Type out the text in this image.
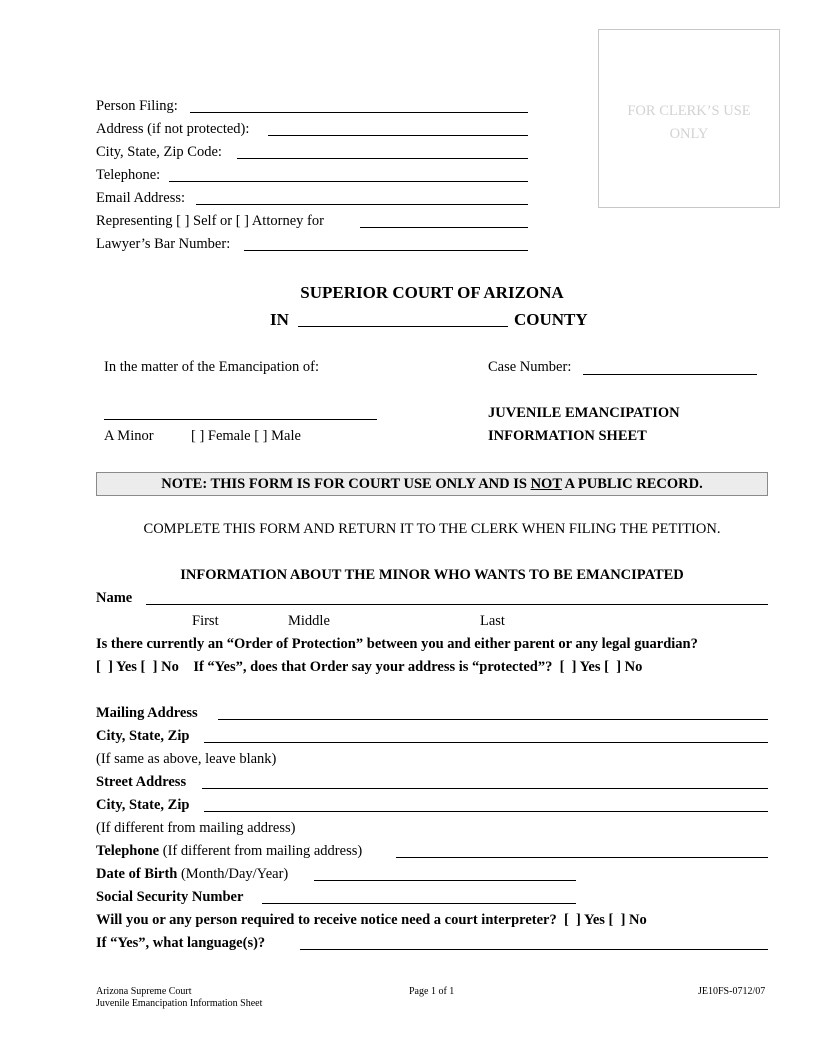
FOR CLERK’S USE
ONLY
Person Filing:
Address (if not protected):
City, State, Zip Code:
Telephone:
Email Address:
Representing [ ] Self or [ ] Attorney for
Lawyer’s Bar Number:
SUPERIOR COURT OF ARIZONA
IN	COUNTY
In the matter of the Emancipation of:	Case Number:
A Minor	[ ] Female [ ] Male
JUVENILE EMANCIPATION
INFORMATION SHEET
NOTE: THIS FORM IS FOR COURT USE ONLY AND IS NOT A PUBLIC RECORD.
COMPLETE THIS FORM AND RETURN IT TO THE CLERK WHEN FILING THE PETITION.
INFORMATION ABOUT THE MINOR WHO WANTS TO BE EMANCIPATED
Name
First	Middle	Last
Is there currently an “Order of Protection” between you and either parent or any legal guardian?
[  ] Yes [  ] No    If “Yes”, does that Order say your address is “protected”?  [  ] Yes [  ] No
Mailing Address
City, State, Zip
(If same as above, leave blank)
Street Address
City, State, Zip
(If different from mailing address)
Telephone (If different from mailing address)
Date of Birth (Month/Day/Year)
Social Security Number
Will you or any person required to receive notice need a court interpreter?  [  ] Yes [  ] No
If “Yes”, what language(s)?
Arizona Supreme Court
Juvenile Emancipation Information Sheet
Page 1 of 1	JE10FS-0712/07
